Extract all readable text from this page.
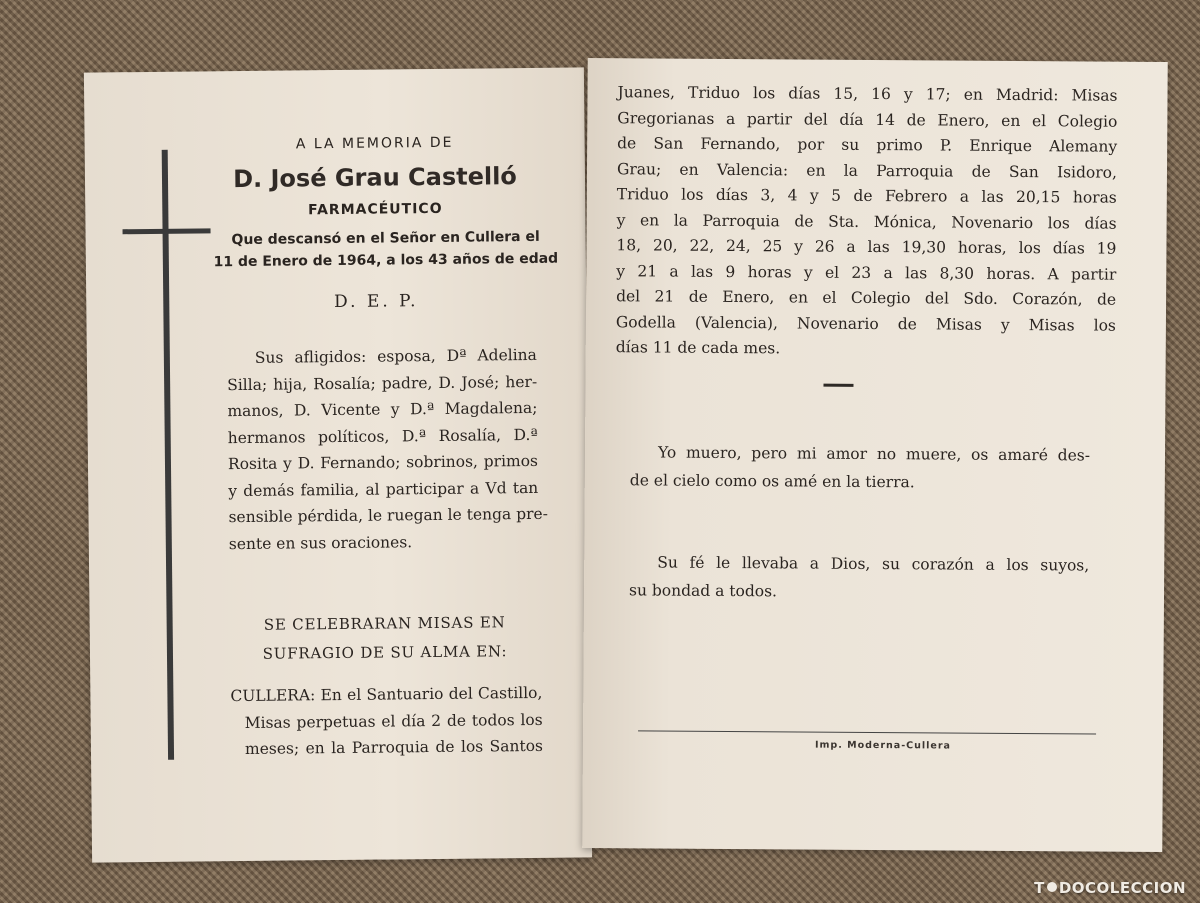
A LA MEMORIA DE
D. José Grau Castelló
FARMACÉUTICO
Que descansó en el Señor en Cullera el
11 de Enero de 1964, a los 43 años de edad
D. E. P.
Sus afligidos: esposa, Dª Adelina
Silla; hija, Rosalía; padre, D. José; her-
manos, D. Vicente y D.ª Magdalena;
hermanos políticos, D.ª Rosalía, D.ª
Rosita y D. Fernando; sobrinos, primos
y demás familia, al participar a Vd tan
sensible pérdida, le ruegan le tenga pre-
sente en sus oraciones.
SE CELEBRARAN MISAS EN
SUFRAGIO DE SU ALMA EN:
CULLERA: En el Santuario del Castillo,
Misas perpetuas el día 2 de todos los
meses; en la Parroquia de los Santos
Juanes, Triduo los días 15, 16 y 17; en Madrid: Misas
Gregorianas a partir del día 14 de Enero, en el Colegio
de San Fernando, por su primo P. Enrique Alemany
Grau; en Valencia: en la Parroquia de San Isidoro,
Triduo los días 3, 4 y 5 de Febrero a las 20,15 horas
y en la Parroquia de Sta. Mónica, Novenario los días
18, 20, 22, 24, 25 y 26 a las 19,30 horas, los días 19
y 21 a las 9 horas y el 23 a las 8,30 horas. A partir
del 21 de Enero, en el Colegio del Sdo. Corazón, de
Godella (Valencia), Novenario de Misas y Misas los
días 11 de cada mes.
Yo muero, pero mi amor no muere, os amaré des-
de el cielo como os amé en la tierra.
Su fé le llevaba a Dios, su corazón a los suyos,
su bondad a todos.
Imp. Moderna-Cullera
T DOCOLECCION
